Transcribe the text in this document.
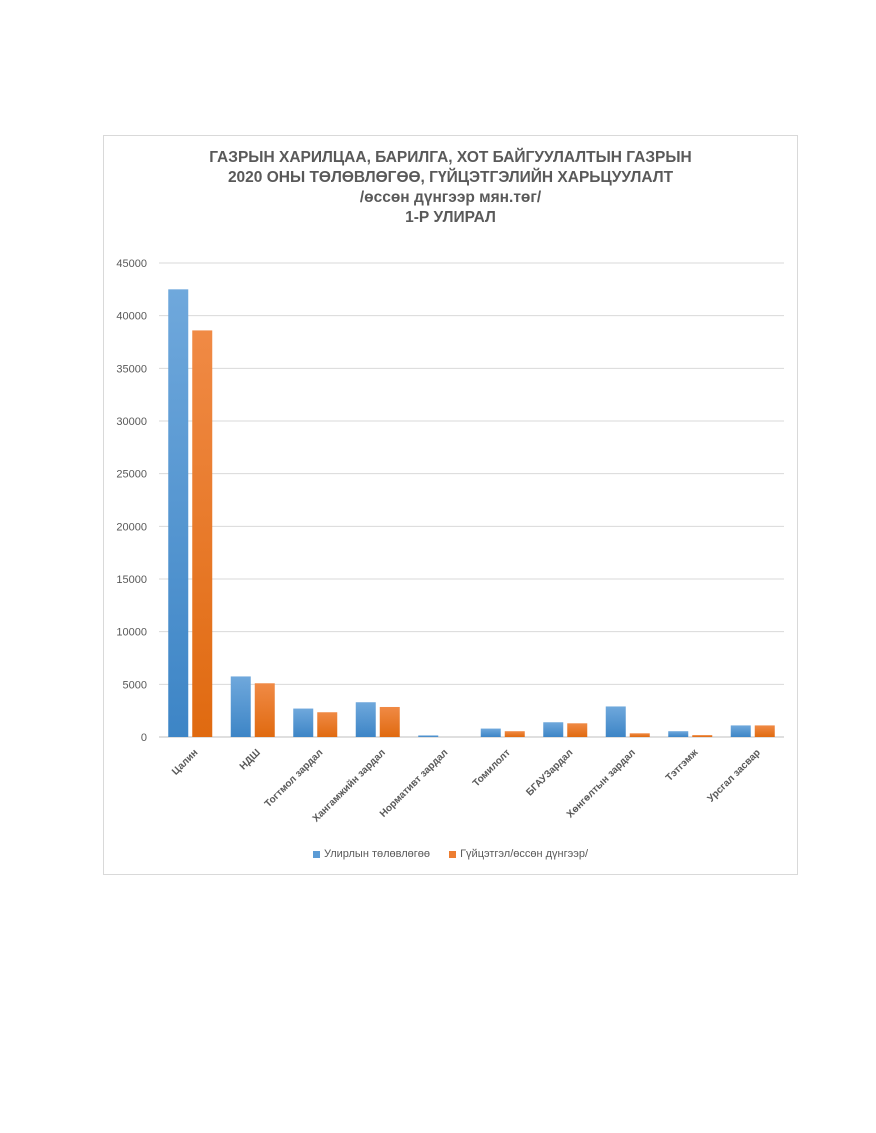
ГАЗРЫН ХАРИЛЦАА, БАРИЛГА, ХОТ БАЙГУУЛАЛТЫН ГАЗРЫН
2020 ОНЫ ТӨЛӨВЛӨГӨӨ, ГҮЙЦЭТГЭЛИЙН ХАРЬЦУУЛАЛТ
/өссөн дүнгээр мян.төг/
1-Р УЛИРАЛ
0
5000
10000
15000
20000
25000
30000
35000
40000
45000
Цалин	НДШ Тогтмол зардал
Хангамжийн зардал
Нормативт зардал Томилолт БГАУЗардал
Хөнгөлтын зардал	Тэтгэмж Урсгал засвар
Улирлын төлөвлөгөө
	Гүйцэтгэл/өссөн дүнгээр/
